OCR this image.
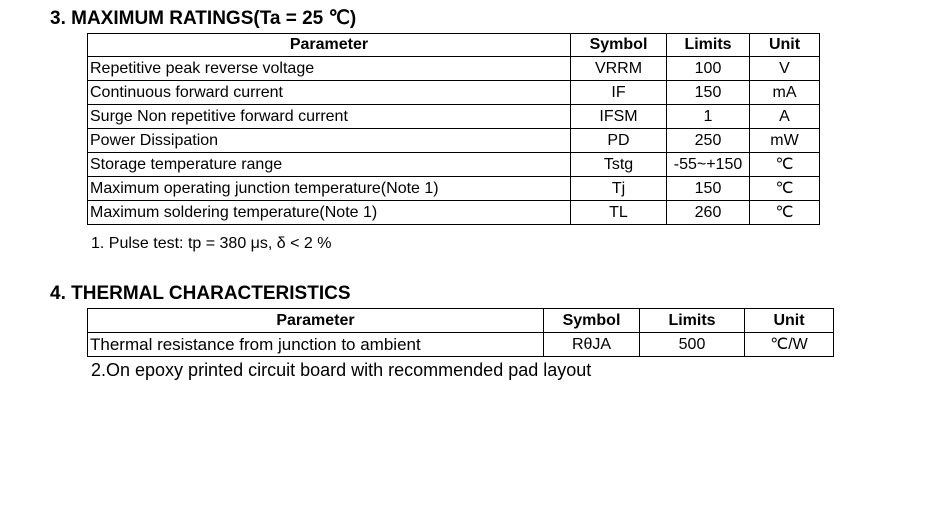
3. MAXIMUM RATINGS(Ta = 25 ℃)
Parameter	Symbol	Limits	Unit
Repetitive peak reverse voltage	VRRM	100	V
Continuous forward current	IF	150	mA
Surge Non repetitive forward current	IFSM	1	A
Power Dissipation	PD	250	mW
Storage temperature range	Tstg	-55~+150	℃
Maximum operating junction temperature(Note 1)	Tj	150	℃
Maximum soldering temperature(Note 1)	TL	260	℃

1. Pulse test: tp = 380 μs, δ < 2 %

4. THERMAL CHARACTERISTICS
Parameter	Symbol	Limits	Unit
Thermal resistance from junction to ambient	RθJA	500	℃/W

2.On epoxy printed circuit board with recommended pad layout
